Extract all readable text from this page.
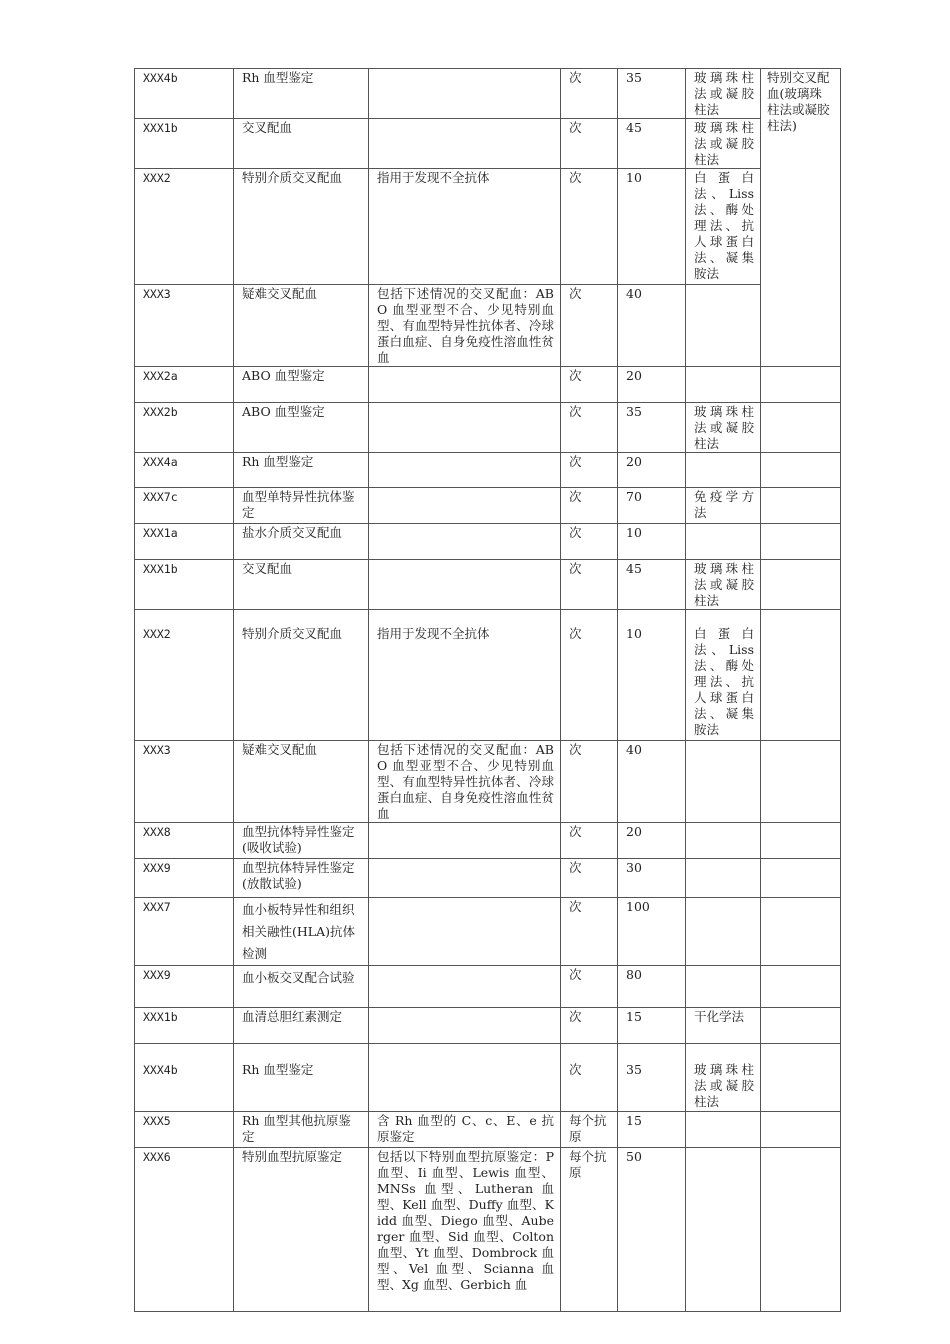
XXX4b	Rh 血型鉴定		次	35	玻璃珠柱法或凝胶柱法	特别交叉配血(玻璃珠柱法或凝胶柱法)
XXX1b	交叉配血		次	45	玻璃珠柱法或凝胶柱法	
XXX2	特别介质交叉配血	指用于发现不全抗体	次	10	白 蛋 白法、Liss法、酶处理法、抗人球蛋白法、凝集胺法	
XXX3	疑难交叉配血	包括下述情况的交叉配血：ABO 血型亚型不合、少见特别血型、有血型特异性抗体者、冷球蛋白血症、自身免疫性溶血性贫血	次	40		
XXX2a	ABO 血型鉴定		次	20		
XXX2b	ABO 血型鉴定		次	35	玻璃珠柱法或凝胶柱法	
XXX4a	Rh 血型鉴定		次	20		
XXX7c	血型单特异性抗体鉴定		次	70	免疫学方法	
XXX1a	盐水介质交叉配血		次	10		
XXX1b	交叉配血		次	45	玻璃珠柱法或凝胶柱法	
XXX2	特别介质交叉配血	指用于发现不全抗体	次	10	白 蛋 白法、Liss法、酶处理法、抗人球蛋白法、凝集胺法	
XXX3	疑难交叉配血	包括下述情况的交叉配血：ABO 血型亚型不合、少见特别血型、有血型特异性抗体者、冷球蛋白血症、自身免疫性溶血性贫血	次	40		
XXX8	血型抗体特异性鉴定(吸收试验)		次	20		
XXX9	血型抗体特异性鉴定(放散试验)		次	30		
XXX7	血小板特异性和组织相关融性(HLA)抗体检测		次	100		
XXX9	血小板交叉配合试验		次	80		
XXX1b	血清总胆红素测定		次	15	干化学法	
XXX4b	Rh 血型鉴定		次	35	玻璃珠柱法或凝胶柱法	
XXX5	Rh 血型其他抗原鉴定	含 Rh 血型的 C、c、E、e 抗原鉴定	每个抗原	15		
XXX6	特别血型抗原鉴定	包括以下特别血型抗原鉴定：P 血型、Ii 血型、Lewis 血型、MNSs 血型、Lutheran 血型、Kell 血型、Duffy 血型、Kidd 血型、Diego 血型、Auberger 血型、Sid 血型、Colton 血型、Yt 血型、Dombrock 血型、Vel 血型、Scianna 血型、Xg 血型、Gerbich 血	每个抗原	50		
